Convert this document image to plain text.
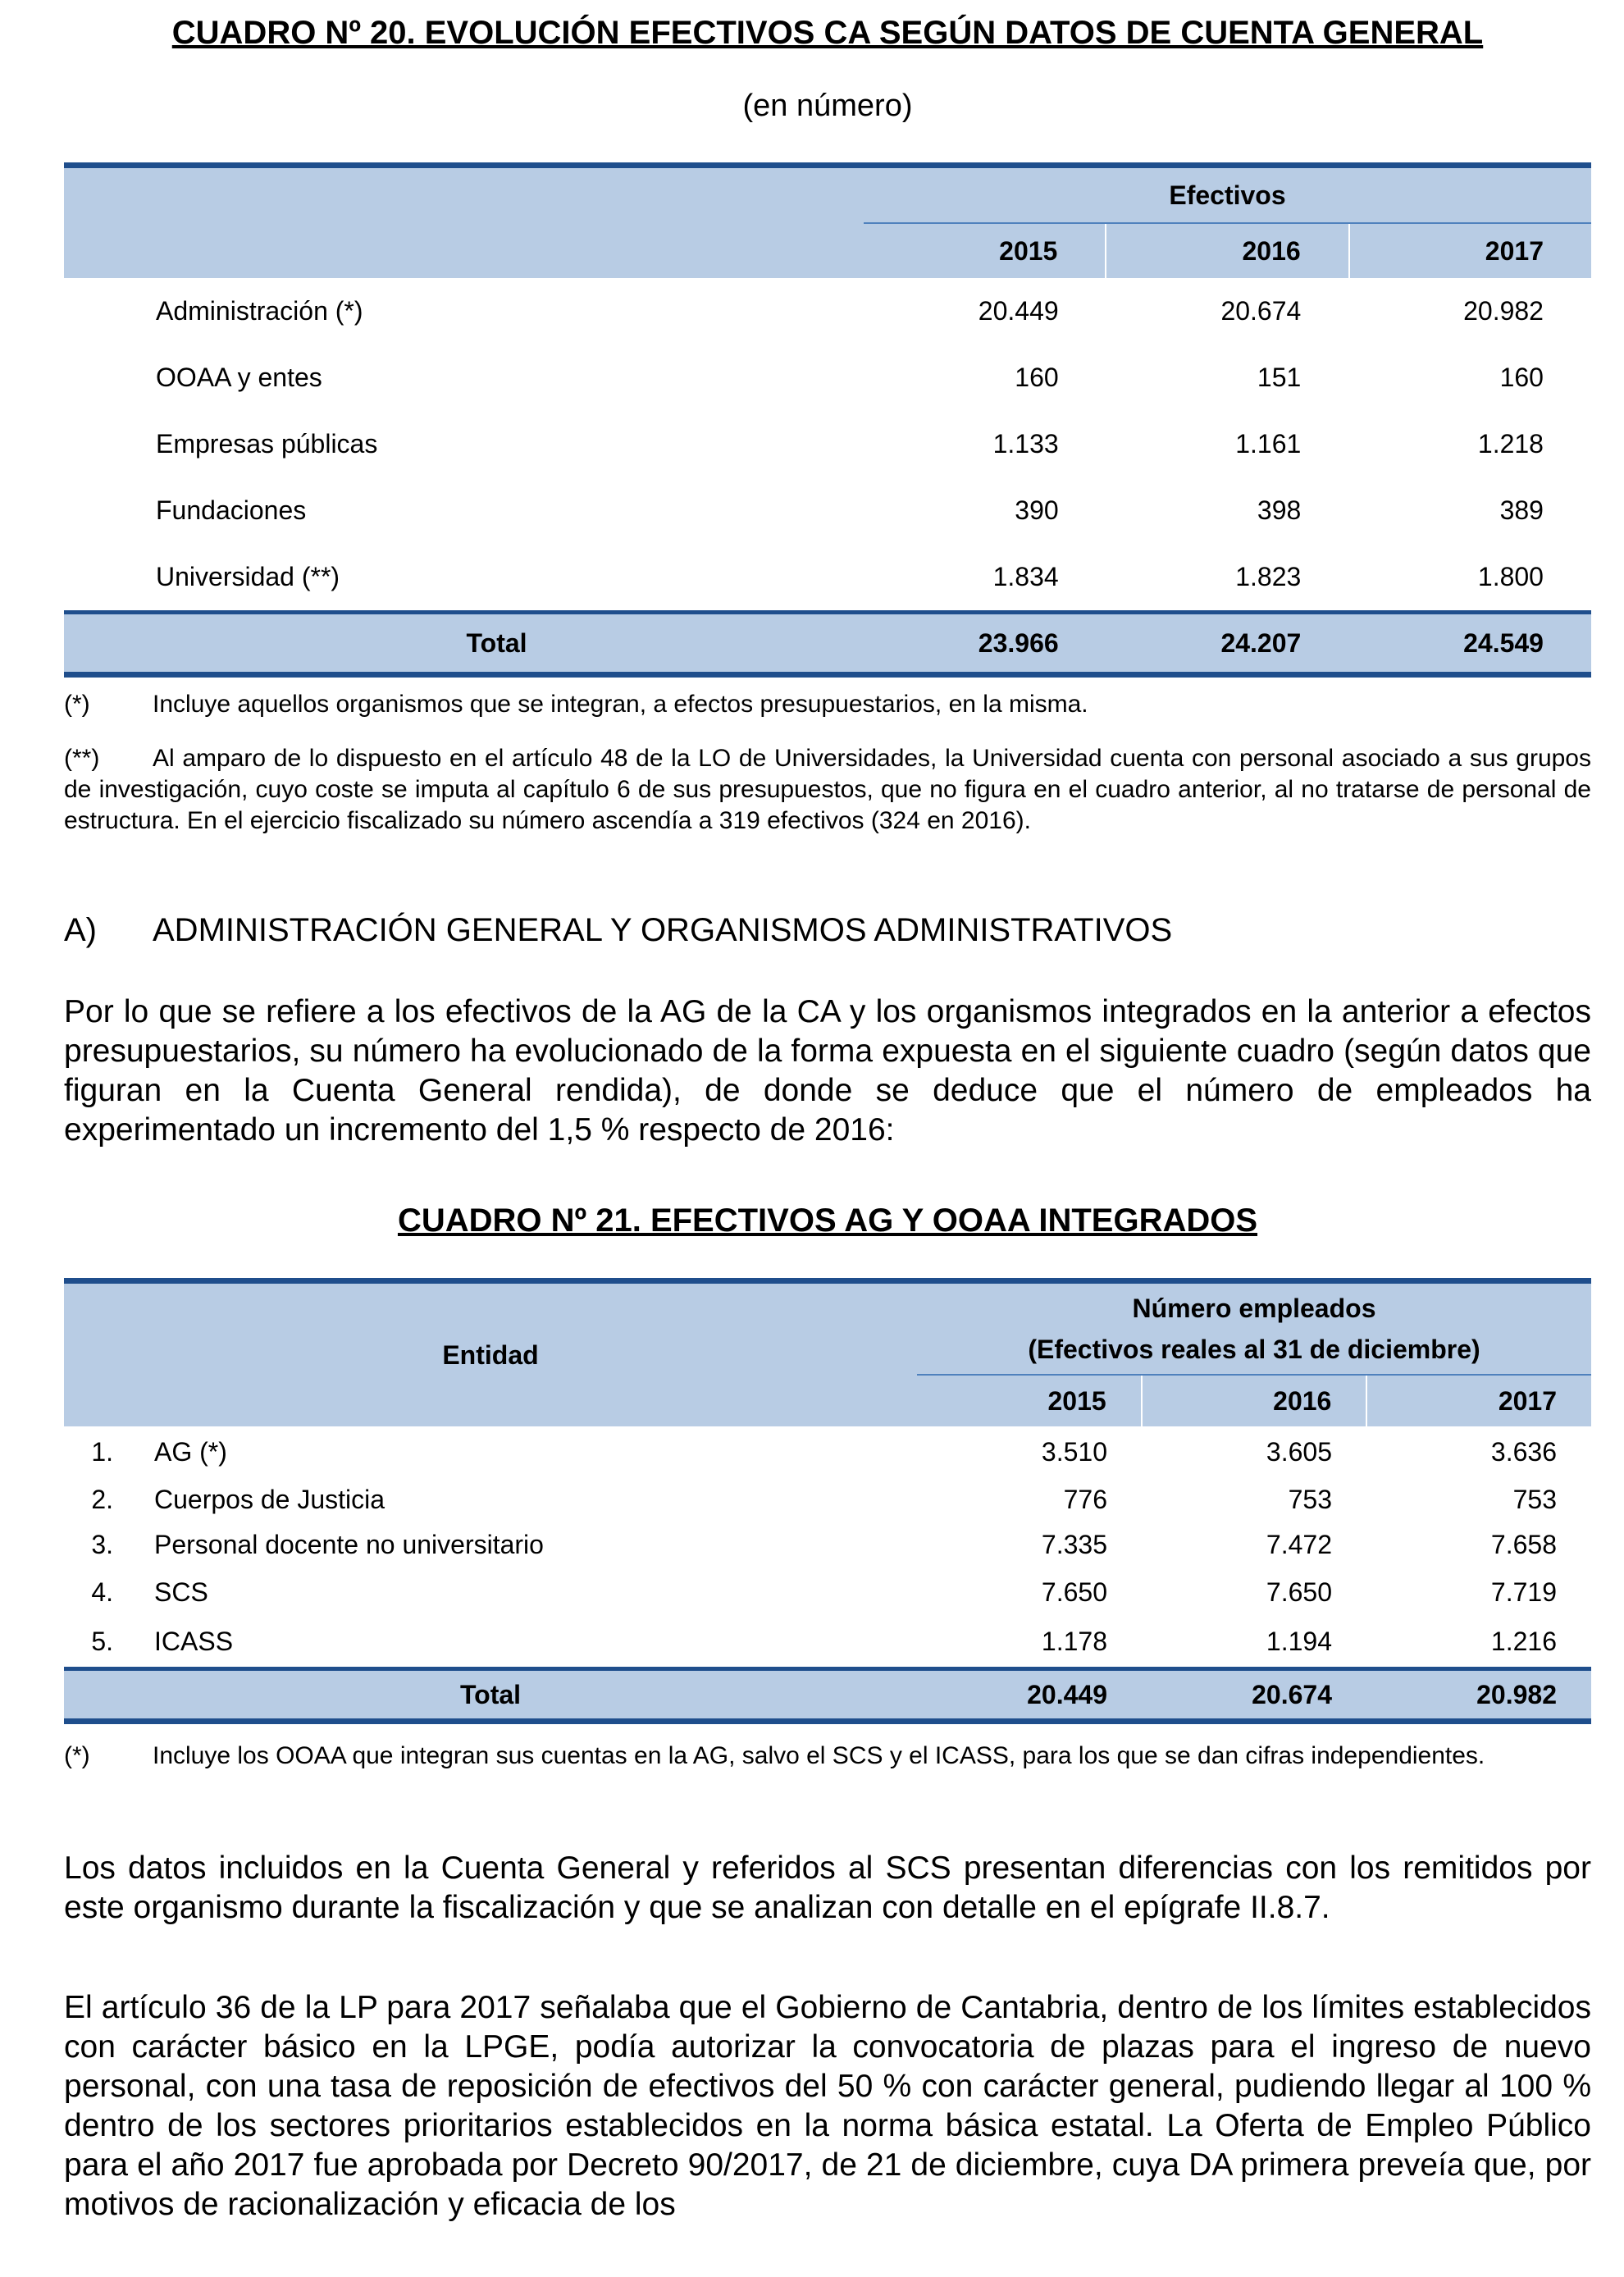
CUADRO Nº 20. EVOLUCIÓN EFECTIVOS CA SEGÚN DATOS DE CUENTA GENERAL
(en número)
Efectivos
2015	2016	2017
Administración (*)	20.449	20.674	20.982
OOAA y entes	160	151	160
Empresas públicas	1.133	1.161	1.218
Fundaciones	390	398	389
Universidad (**)	1.834	1.823	1.800
Total	23.966	24.207	24.549
(*)	Incluye aquellos organismos que se integran, a efectos presupuestarios, en la misma.
(**) Al amparo de lo dispuesto en el artículo 48 de la LO de Universidades, la Universidad cuenta con personal asociado a sus grupos de investigación, cuyo coste se imputa al capítulo 6 de sus presupuestos, que no figura en el cuadro anterior, al no tratarse de personal de estructura. En el ejercicio fiscalizado su número ascendía a 319 efectivos (324 en 2016).
A) ADMINISTRACIÓN GENERAL Y ORGANISMOS ADMINISTRATIVOS
Por lo que se refiere a los efectivos de la AG de la CA y los organismos integrados en la anterior a efectos presupuestarios, su número ha evolucionado de la forma expuesta en el siguiente cuadro (según datos que figuran en la Cuenta General rendida), de donde se deduce que el número de empleados ha experimentado un incremento del 1,5 % respecto de 2016:
CUADRO Nº 21. EFECTIVOS AG Y OOAA INTEGRADOS
Entidad
Número empleados
(Efectivos reales al 31 de diciembre)
2015	2016	2017
1.	AG (*)	3.510	3.605	3.636
2.	Cuerpos de Justicia	776	753	753
3.	Personal docente no universitario	7.335	7.472	7.658
4.	SCS	7.650	7.650	7.719
5.	ICASS	1.178	1.194	1.216
Total	20.449	20.674	20.982
(*)	Incluye los OOAA que integran sus cuentas en la AG, salvo el SCS y el ICASS, para los que se dan cifras independientes.
Los datos incluidos en la Cuenta General y referidos al SCS presentan diferencias con los remitidos por este organismo durante la fiscalización y que se analizan con detalle en el epígrafe II.8.7.
El artículo 36 de la LP para 2017 señalaba que el Gobierno de Cantabria, dentro de los límites establecidos con carácter básico en la LPGE, podía autorizar la convocatoria de plazas para el ingreso de nuevo personal, con una tasa de reposición de efectivos del 50 % con carácter general, pudiendo llegar al 100 % dentro de los sectores prioritarios establecidos en la norma básica estatal. La Oferta de Empleo Público para el año 2017 fue aprobada por Decreto 90/2017, de 21 de diciembre, cuya DA primera preveía que, por motivos de racionalización y eficacia de los
